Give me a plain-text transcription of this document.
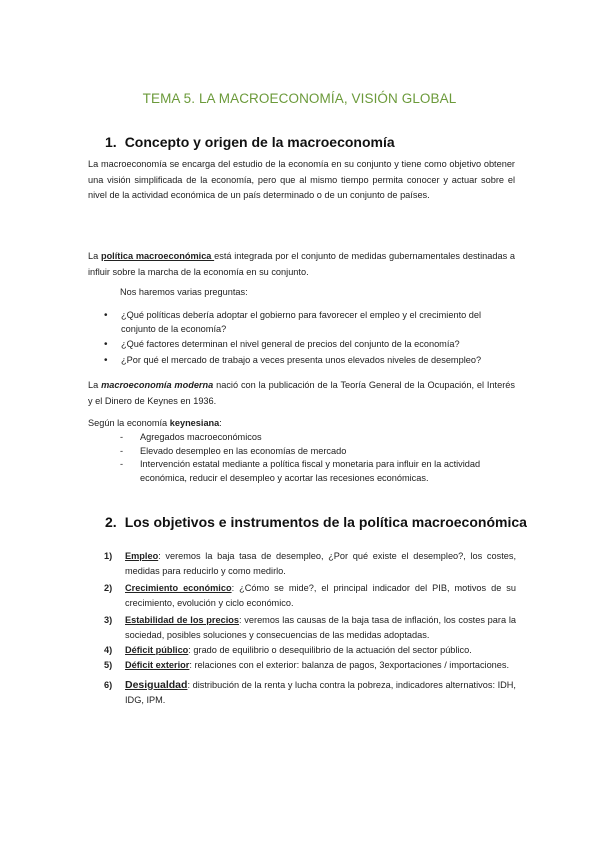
TEMA 5. LA MACROECONOMÍA, VISIÓN GLOBAL
1. Concepto y origen de la macroeconomía

La macroeconomía se encarga del estudio de la economía en su conjunto y tiene como objetivo obtener una visión simplificada de la economía, pero que al mismo tiempo permita conocer y actuar sobre el nivel de la actividad económica de un país determinado o de un conjunto de países.

La política macroeconómica está integrada por el conjunto de medidas gubernamentales destinadas a influir sobre la marcha de la economía en su conjunto.

Nos haremos varias preguntas:

• ¿Qué políticas debería adoptar el gobierno para favorecer el empleo y el crecimiento del conjunto de la economía?
• ¿Qué factores determinan el nivel general de precios del conjunto de la economía?
• ¿Por qué el mercado de trabajo a veces presenta unos elevados niveles de desempleo?

La macroeconomía moderna nació con la publicación de la Teoría General de la Ocupación, el Interés y el Dinero de Keynes en 1936.

Según la economía keynesiana:

- Agregados macroeconómicos
- Elevado desempleo en las economías de mercado
- Intervención estatal mediante a política fiscal y monetaria para influir en la actividad económica, reducir el desempleo y acortar las recesiones económicas.
2. Los objetivos e instrumentos de la política macroeconómica
1) Empleo: veremos la baja tasa de desempleo, ¿Por qué existe el desempleo?, los costes, medidas para reducirlo y como medirlo.
2) Crecimiento económico: ¿Cómo se mide?, el principal indicador del PIB, motivos de su crecimiento, evolución y ciclo económico.
3) Estabilidad de los precios: veremos las causas de la baja tasa de inflación, los costes para la sociedad, posibles soluciones y consecuencias de las medidas adoptadas.
4) Déficit público: grado de equilibrio o desequilibrio de la actuación del sector público.
5) Déficit exterior: relaciones con el exterior: balanza de pagos, 3exportaciones / importaciones.
6) Desigualdad: distribución de la renta y lucha contra la pobreza, indicadores alternativos: IDH, IDG, IPM.
